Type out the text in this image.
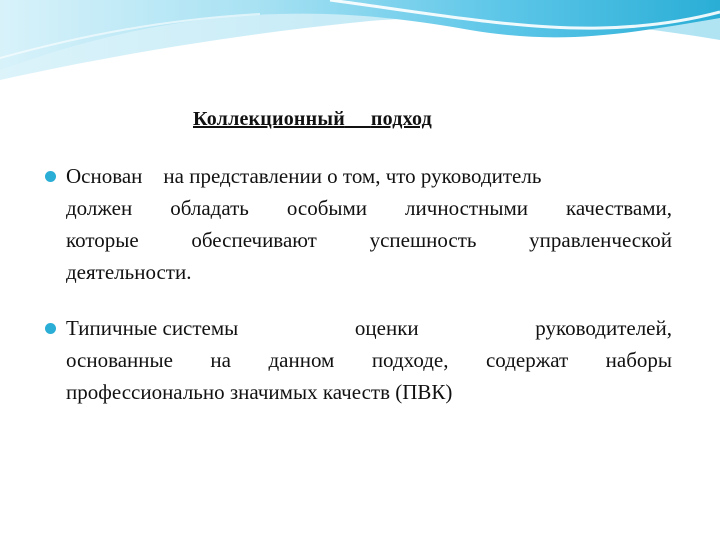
Коллекционный подход
Основан    на представлении о том, что руководитель
должен обладать особыми личностными качествами,
которые обеспечивают успешность управленческой
деятельности.
Типичные системы	оценки	руководителей,
основанные на данном подходе, содержат наборы
профессионально значимых качеств (ПВК)
